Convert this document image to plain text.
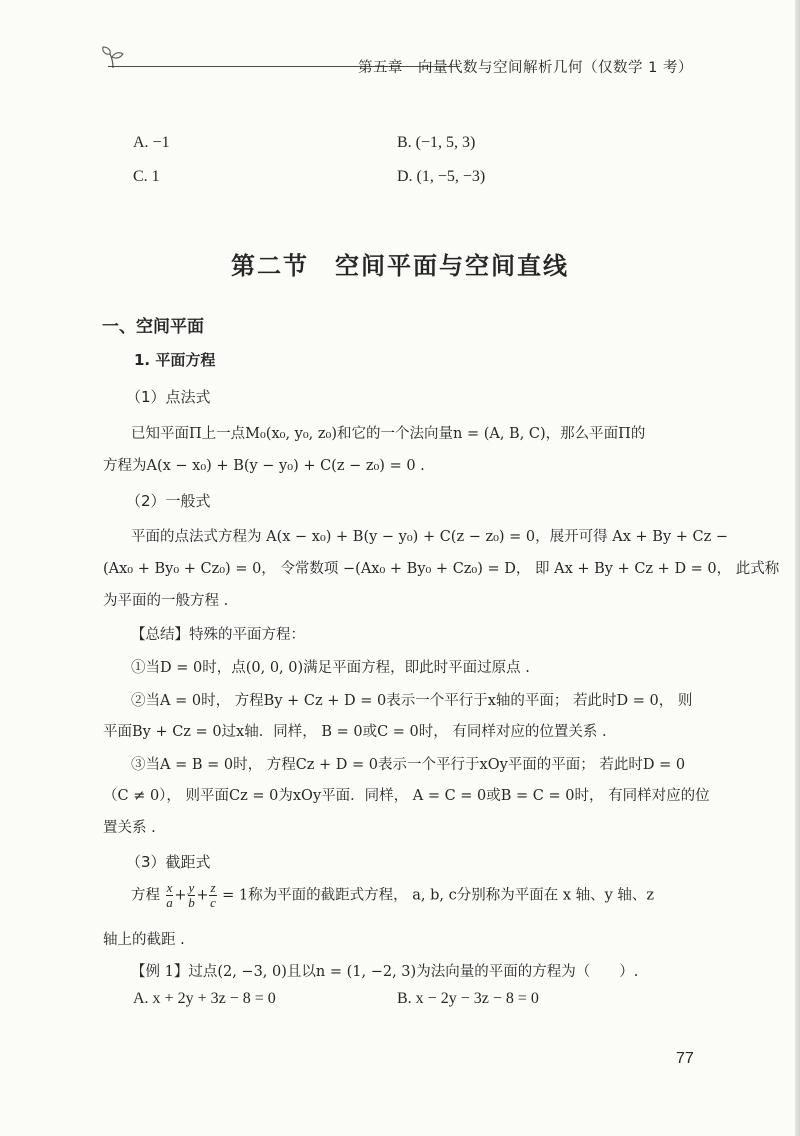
第五章　向量代数与空间解析几何（仅数学 1 考）
A. −1	B. (−1, 5, 3)
C. 1	D. (1, −5, −3)
第二节　空间平面与空间直线
一、空间平面
1. 平面方程
（1）点法式
已知平面Π上一点M₀(x₀, y₀, z₀)和它的一个法向量n = (A, B, C)，那么平面Π的
方程为A(x − x₀) + B(y − y₀) + C(z − z₀) = 0 .
（2）一般式
平面的点法式方程为 A(x − x₀) + B(y − y₀) + C(z − z₀) = 0，展开可得 Ax + By + Cz −
(Ax₀ + By₀ + Cz₀) = 0， 令常数项 −(Ax₀ + By₀ + Cz₀) = D， 即 Ax + By + Cz + D = 0， 此式称
为平面的一般方程 .
【总结】特殊的平面方程：
①当D = 0时，点(0, 0, 0)满足平面方程，即此时平面过原点 .
②当A = 0时， 方程By + Cz + D = 0表示一个平行于x轴的平面； 若此时D = 0， 则
平面By + Cz = 0过x轴．同样， B = 0或C = 0时， 有同样对应的位置关系 .
③当A = B = 0时， 方程Cz + D = 0表示一个平行于xOy平面的平面； 若此时D = 0
（C ≠ 0）， 则平面Cz = 0为xOy平面．同样， A = C = 0或B = C = 0时， 有同样对应的位
置关系 .
（3）截距式
方程 $\frac{x}{a} + \frac{y}{b} + \frac{z}{c} = 1$称为平面的截距式方程， a, b, c分别称为平面在 x 轴、y 轴、z
轴上的截距 .
【例 1】过点(2, −3, 0)且以n = (1, −2, 3)为法向量的平面的方程为（　　）.
A. x + 2y + 3z − 8 = 0	B. x − 2y − 3z − 8 = 0
77
